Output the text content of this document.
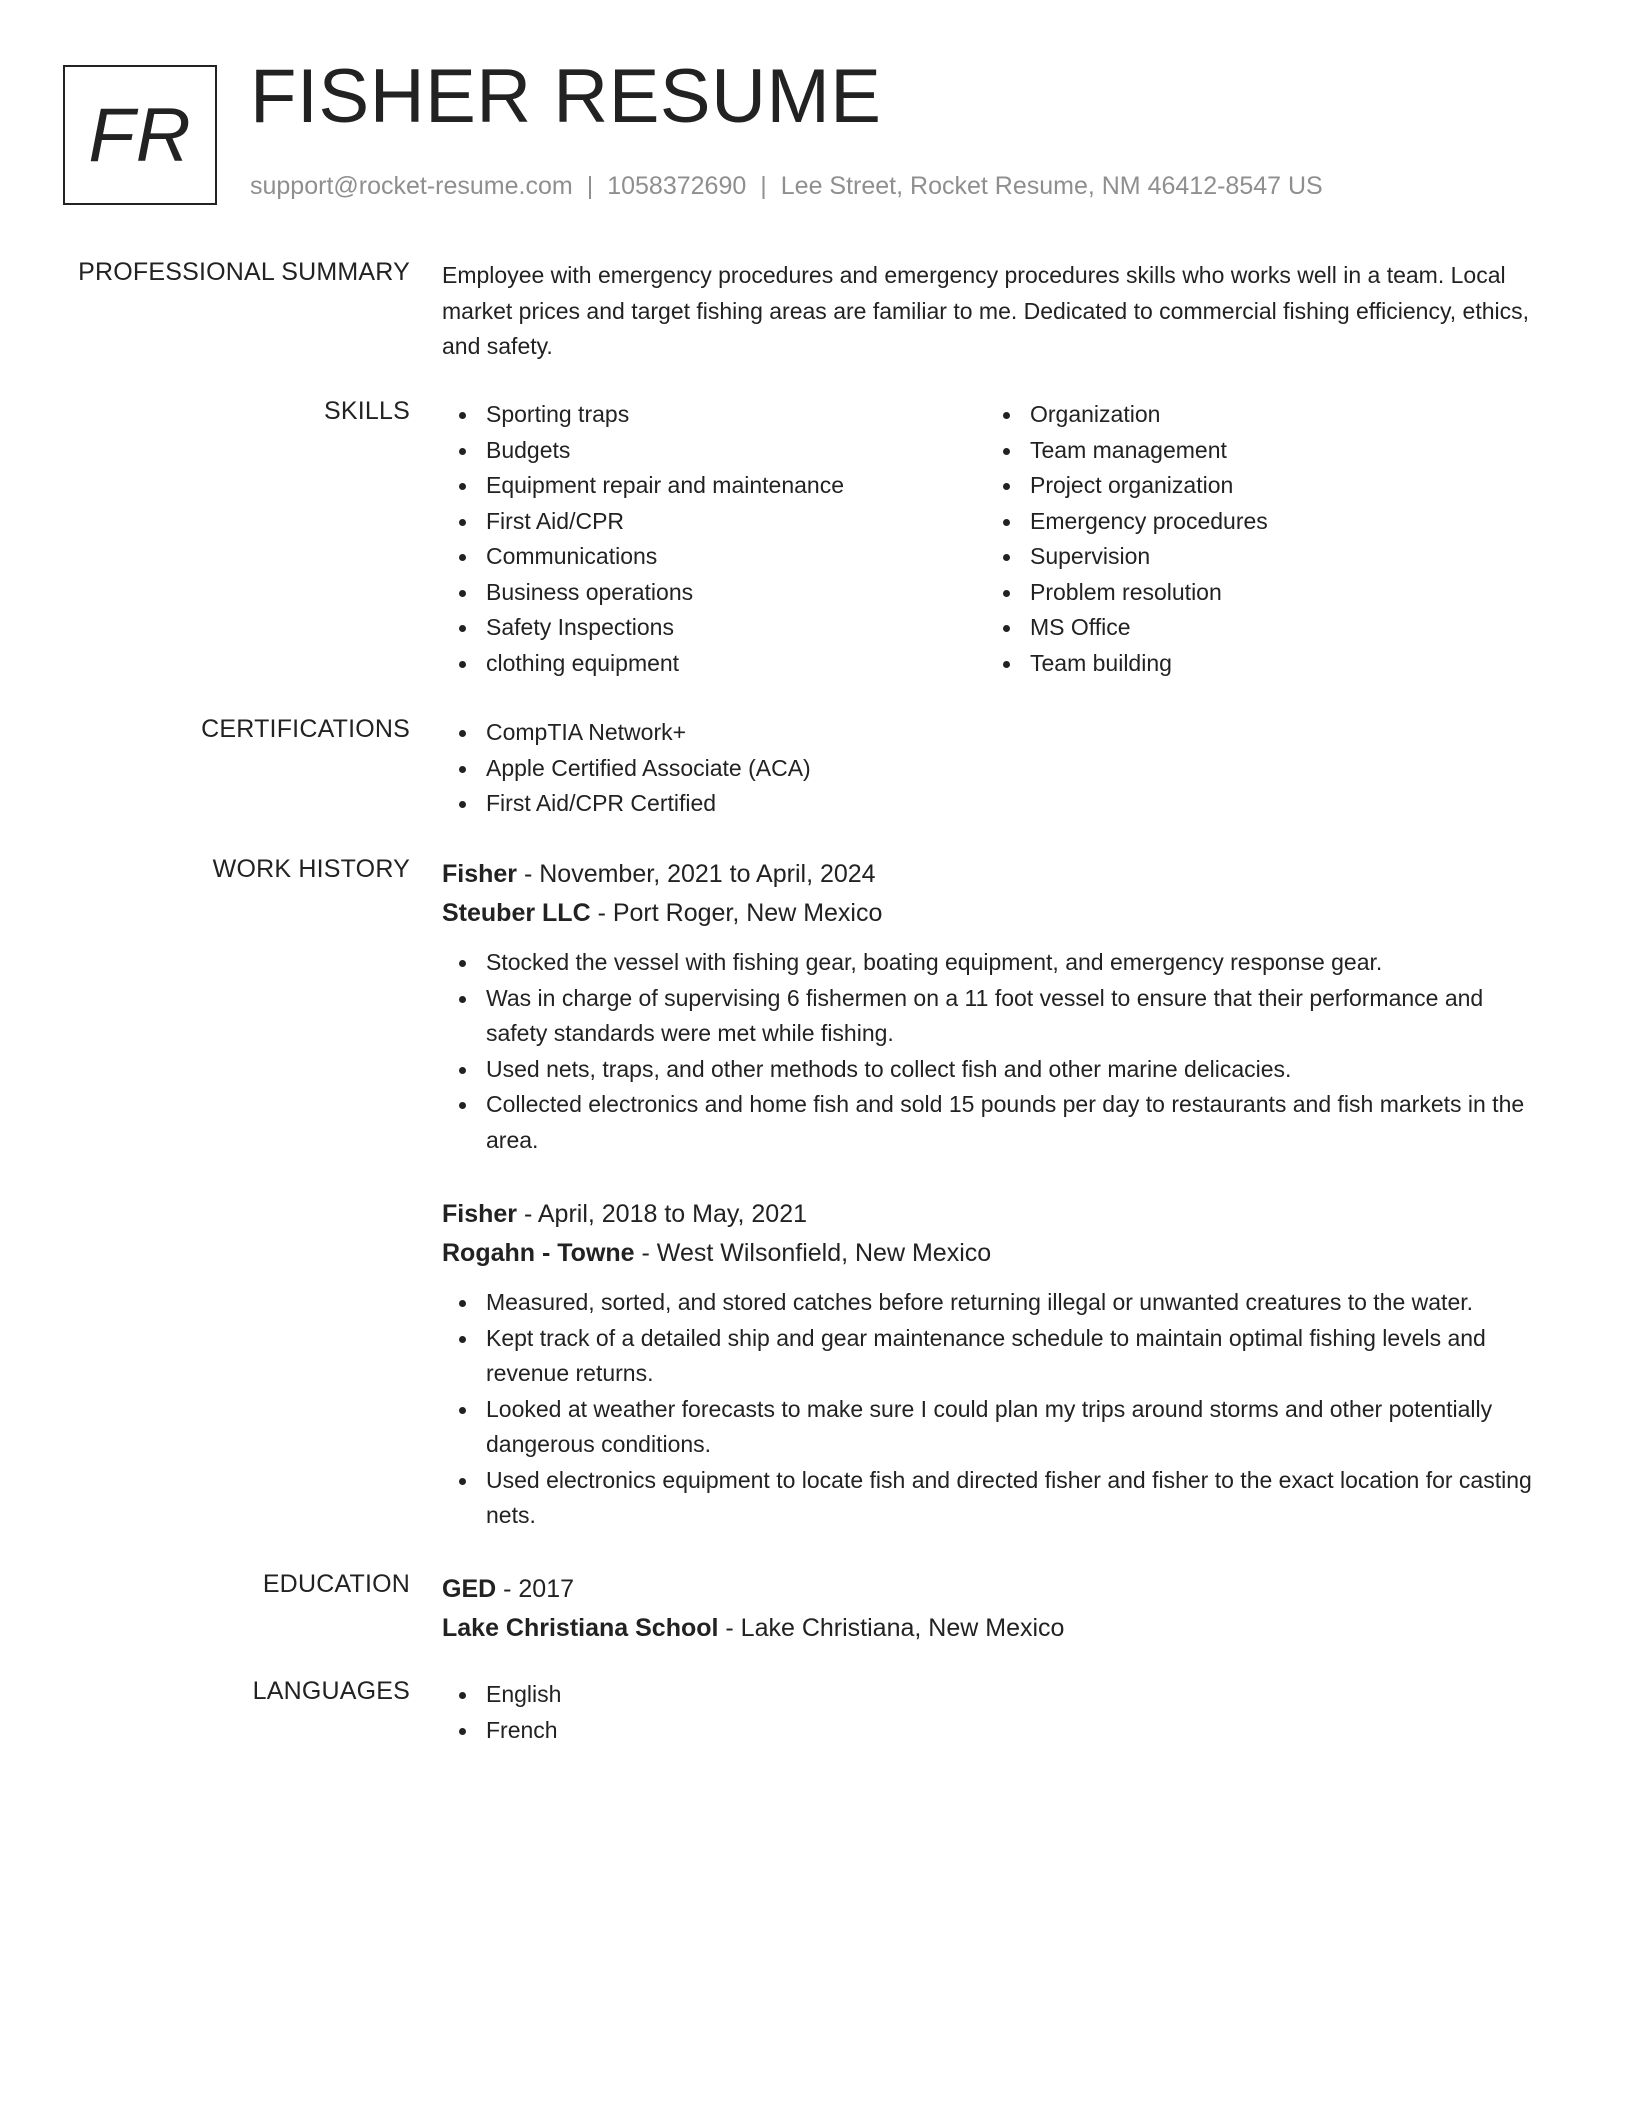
FR FISHER RESUME
support@rocket-resume.com | 1058372690 | Lee Street, Rocket Resume, NM 46412-8547 US
PROFESSIONAL SUMMARY Employee with emergency procedures and emergency procedures skills who works well in a team. Local market prices and target fishing areas are familiar to me. Dedicated to commercial fishing efficiency, ethics, and safety.
SKILLS	Sporting traps
Budgets
Equipment repair and maintenance
First Aid/CPR
Communications
Business operations
Safety Inspections
clothing equipment
Organization
Team management
Project organization
Emergency procedures
Supervision
Problem resolution
MS Office
Team building
CERTIFICATIONS	CompTIA Network+
Apple Certified Associate (ACA)
First Aid/CPR Certified
WORK HISTORY Fisher - November, 2021 to April, 2024
Steuber LLC - Port Roger, New Mexico
Stocked the vessel with fishing gear, boating equipment, and emergency response gear.
Was in charge of supervising 6 fishermen on a 11 foot vessel to ensure that their performance and safety standards were met while fishing.
Used nets, traps, and other methods to collect fish and other marine delicacies.
Collected electronics and home fish and sold 15 pounds per day to restaurants and fish markets in the area.
Fisher - April, 2018 to May, 2021
Rogahn - Towne - West Wilsonfield, New Mexico
Measured, sorted, and stored catches before returning illegal or unwanted creatures to the water.
Kept track of a detailed ship and gear maintenance schedule to maintain optimal fishing levels and revenue returns.
Looked at weather forecasts to make sure I could plan my trips around storms and other potentially dangerous conditions.
Used electronics equipment to locate fish and directed fisher and fisher to the exact location for casting nets.
EDUCATION GED - 2017
Lake Christiana School - Lake Christiana, New Mexico
LANGUAGES	English
French
